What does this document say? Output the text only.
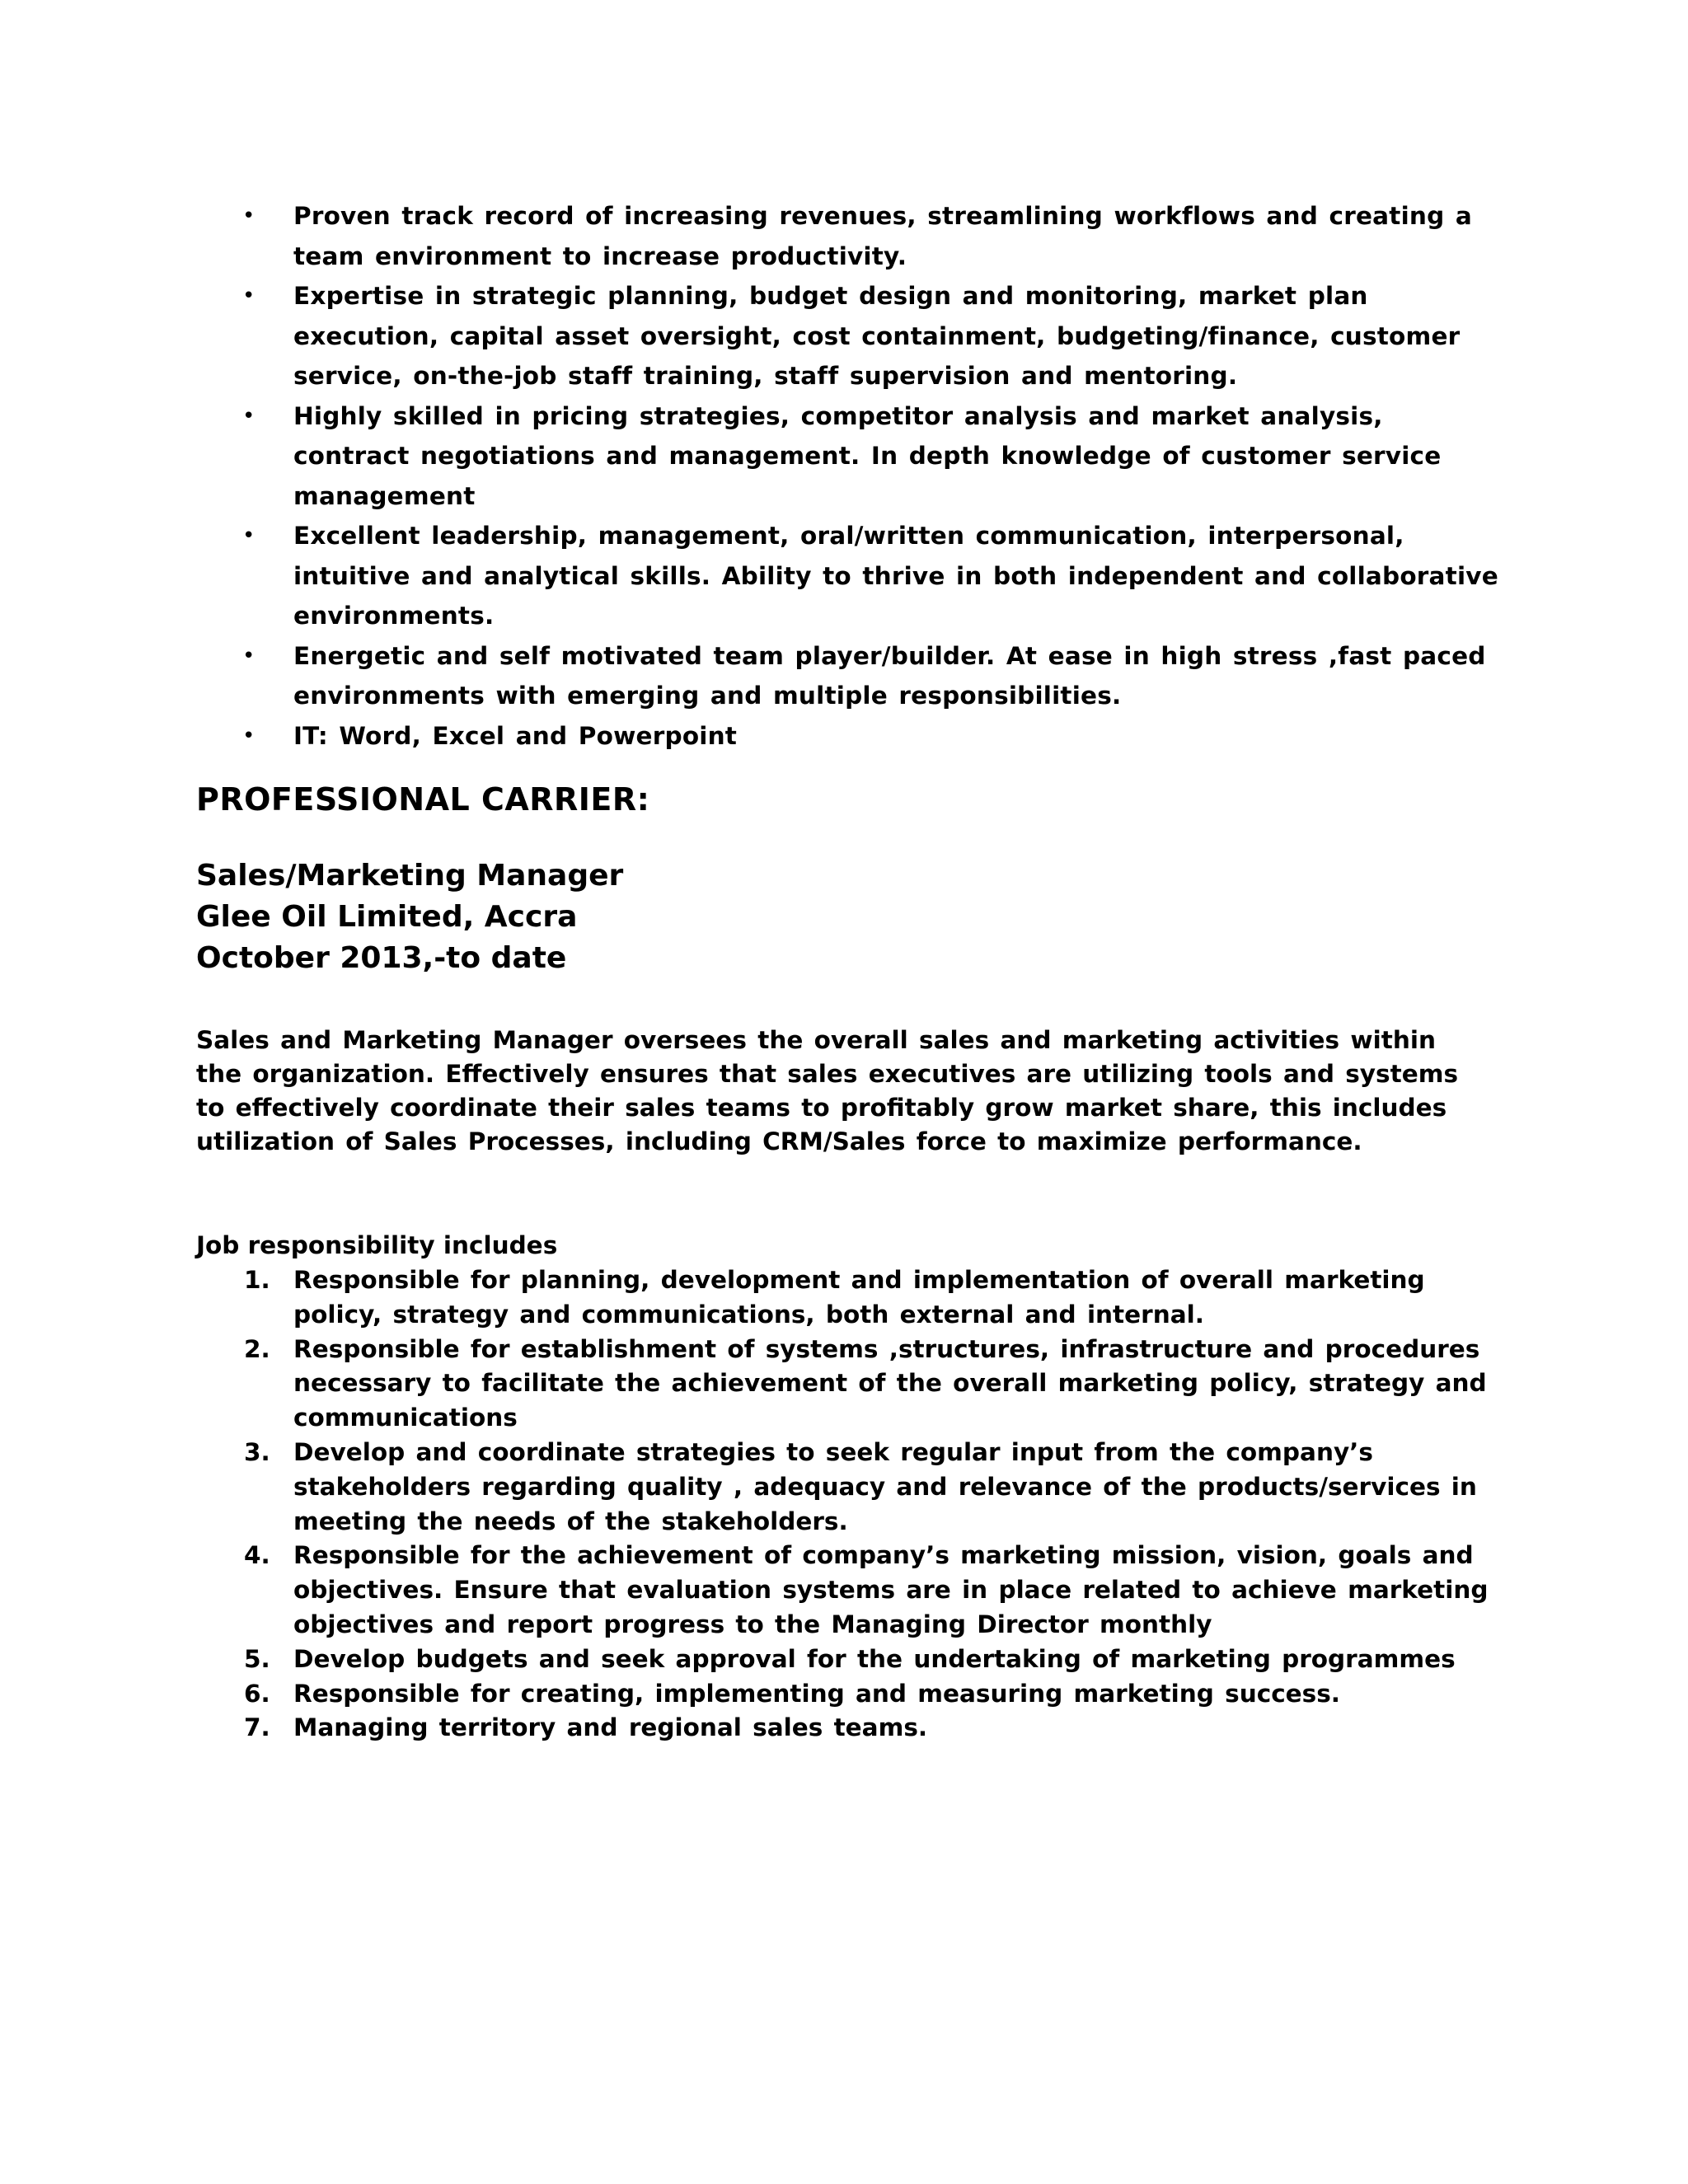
• Proven track record of increasing revenues, streamlining workflows and creating a team environment to increase productivity.
• Expertise in strategic planning, budget design and monitoring, market plan execution, capital asset oversight, cost containment, budgeting/finance, customer service, on-the-job staff training, staff supervision and mentoring.
• Highly skilled in pricing strategies, competitor analysis and market analysis, contract negotiations and management. In depth knowledge of customer service management
• Excellent leadership, management, oral/written communication, interpersonal, intuitive and analytical skills. Ability to thrive in both independent and collaborative environments.
• Energetic and self motivated team player/builder. At ease in high stress ,fast paced environments with emerging and multiple responsibilities.
• IT: Word, Excel and Powerpoint
PROFESSIONAL CARRIER:
Sales/Marketing Manager
Glee Oil Limited, Accra
October 2013,-to date

Sales and Marketing Manager oversees the overall sales and marketing activities within the organization. Effectively ensures that sales executives are utilizing tools and systems to effectively coordinate their sales teams to profitably grow market share, this includes utilization of Sales Processes, including CRM/Sales force to maximize performance.

Job responsibility includes
1. Responsible for planning, development and implementation of overall marketing policy, strategy and communications, both external and internal.
2. Responsible for establishment of systems ,structures, infrastructure and procedures necessary to facilitate the achievement of the overall marketing policy, strategy and communications
3. Develop and coordinate strategies to seek regular input from the company’s stakeholders regarding quality , adequacy and relevance of the products/services in meeting the needs of the stakeholders.
4. Responsible for the achievement of company’s marketing mission, vision, goals and objectives. Ensure that evaluation systems are in place related to achieve marketing objectives and report progress to the Managing Director monthly
5. Develop budgets and seek approval for the undertaking of marketing programmes
6. Responsible for creating, implementing and measuring marketing success.
7. Managing territory and regional sales teams.
